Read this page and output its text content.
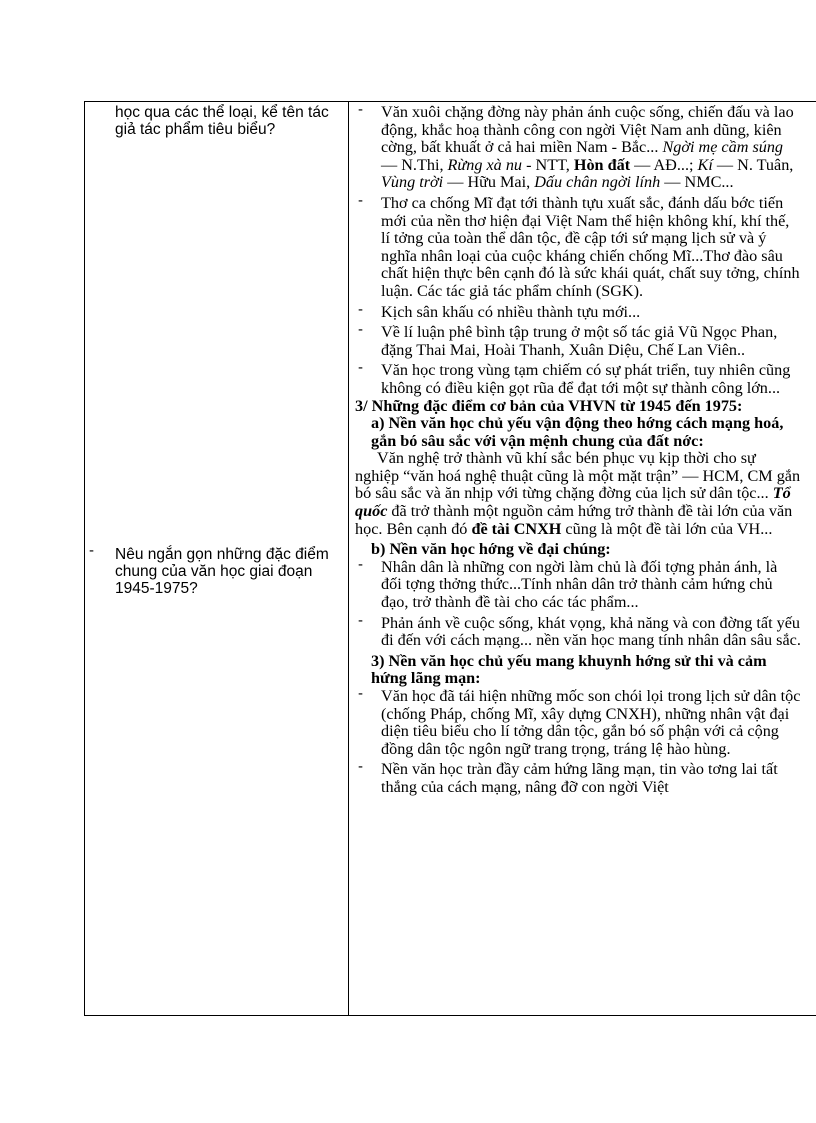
học qua các thể loại, kể tên tác giả tác phẩm tiêu biểu?
- Nêu ngắn gọn những đặc điểm chung của văn học giai đoạn 1945-1975?
- Văn xuôi chặng đờng này phản ánh cuộc sống, chiến đấu và lao động, khắc hoạ thành công con ngời Việt Nam anh dũng, kiên cờng, bất khuất ở cả hai miền Nam - Bắc... Ngời mẹ cầm súng — N.Thi, Rừng xà nu - NTT, Hòn đất — AĐ...; Kí — N. Tuân, Vùng trời — Hữu Mai, Dấu chân ngời lính — NMC...
- Thơ ca chống Mĩ đạt tới thành tựu xuất sắc, đánh dấu bớc tiến mới của nền thơ hiện đại Việt Nam thể hiện không khí, khí thế, lí tởng của toàn thể dân tộc, đề cập tới sứ mạng lịch sử và ý nghĩa nhân loại của cuộc kháng chiến chống Mĩ...Thơ đào sâu chất hiện thực bên cạnh đó là sức khái quát, chất suy tởng, chính luận. Các tác giả tác phẩm chính (SGK).
- Kịch sân khấu có nhiều thành tựu mới...
- Về lí luận phê bình tập trung ở một số tác giả Vũ Ngọc Phan, đặng Thai Mai, Hoài Thanh, Xuân Diệu, Chế Lan Viên..
- Văn học trong vùng tạm chiếm có sự phát triển, tuy nhiên cũng không có điều kiện gọt rũa để đạt tới một sự thành công lớn...

3/ Những đặc điểm cơ bản của VHVN từ 1945 đến 1975:

a) Nền văn học chủ yếu vận động theo hớng cách mạng hoá, gắn bó sâu sắc với vận mệnh chung của đất nớc:

Văn nghệ trở thành vũ khí sắc bén phục vụ kịp thời cho sự nghiệp “văn hoá nghệ thuật cũng là một mặt trận” — HCM, CM gắn bó sâu sắc và ăn nhịp với từng chặng đờng của lịch sử dân tộc... Tổ quốc đã trở thành một nguồn cảm hứng trở thành đề tài lớn của văn học. Bên cạnh đó đề tài CNXH cũng là một đề tài lớn của VH...

b) Nền văn học hớng về đại chúng:

- Nhân dân là những con ngời làm chủ là đối tợng phản ánh, là đối tợng thởng thức...Tính nhân dân trở thành cảm hứng chủ đạo, trở thành đề tài cho các tác phẩm...
- Phản ánh về cuộc sống, khát vọng, khả năng và con đờng tất yếu đi đến với cách mạng... nền văn học mang tính nhân dân sâu sắc.

3) Nền văn học chủ yếu mang khuynh hớng sử thi và cảm hứng lãng mạn:

- Văn học đã tái hiện những mốc son chói lọi trong lịch sử dân tộc (chống Pháp, chống Mĩ, xây dựng CNXH), những nhân vật đại diện tiêu biểu cho lí tởng dân tộc, gắn bó số phận với cả cộng đồng dân tộc ngôn ngữ trang trọng, tráng lệ hào hùng.
- Nền văn học tràn đầy cảm hứng lãng mạn, tin vào tơng lai tất thắng của cách mạng, nâng đỡ con ngời Việt
